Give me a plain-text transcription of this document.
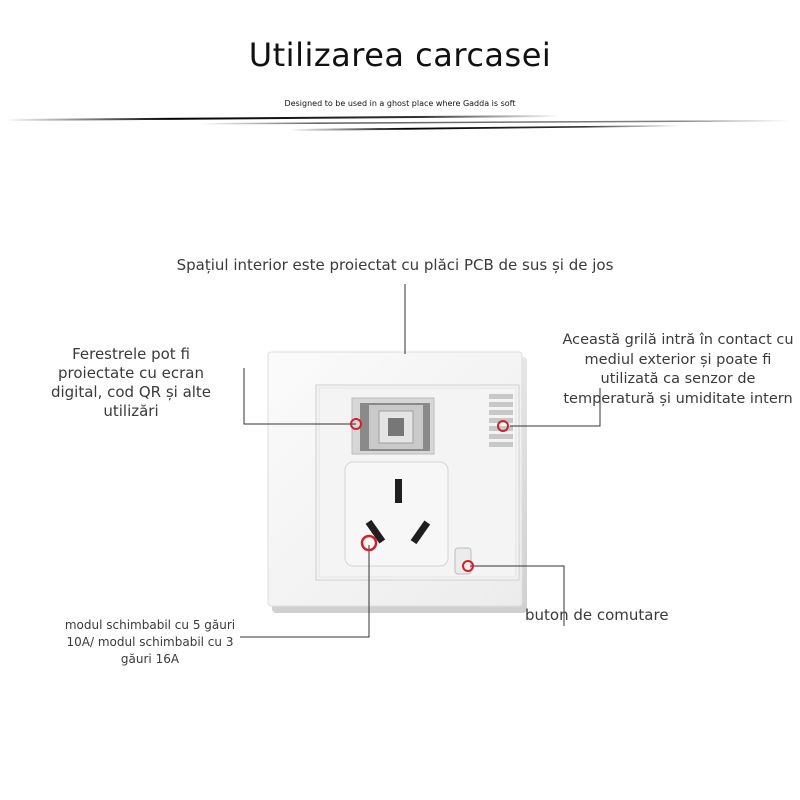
Utilizarea carcasei
Designed to be used in a ghost place where Gadda is soft
Spațiul interior este proiectat cu plăci PCB de sus și de jos
Ferestrele pot fi proiectate cu ecran digital, cod QR și alte utilizări
Această grilă intră în contact cu mediul exterior și poate fi utilizată ca senzor de temperatură și umiditate intern
modul schimbabil cu 5 găuri 10A/ modul schimbabil cu 3 găuri 16A
buton de comutare
